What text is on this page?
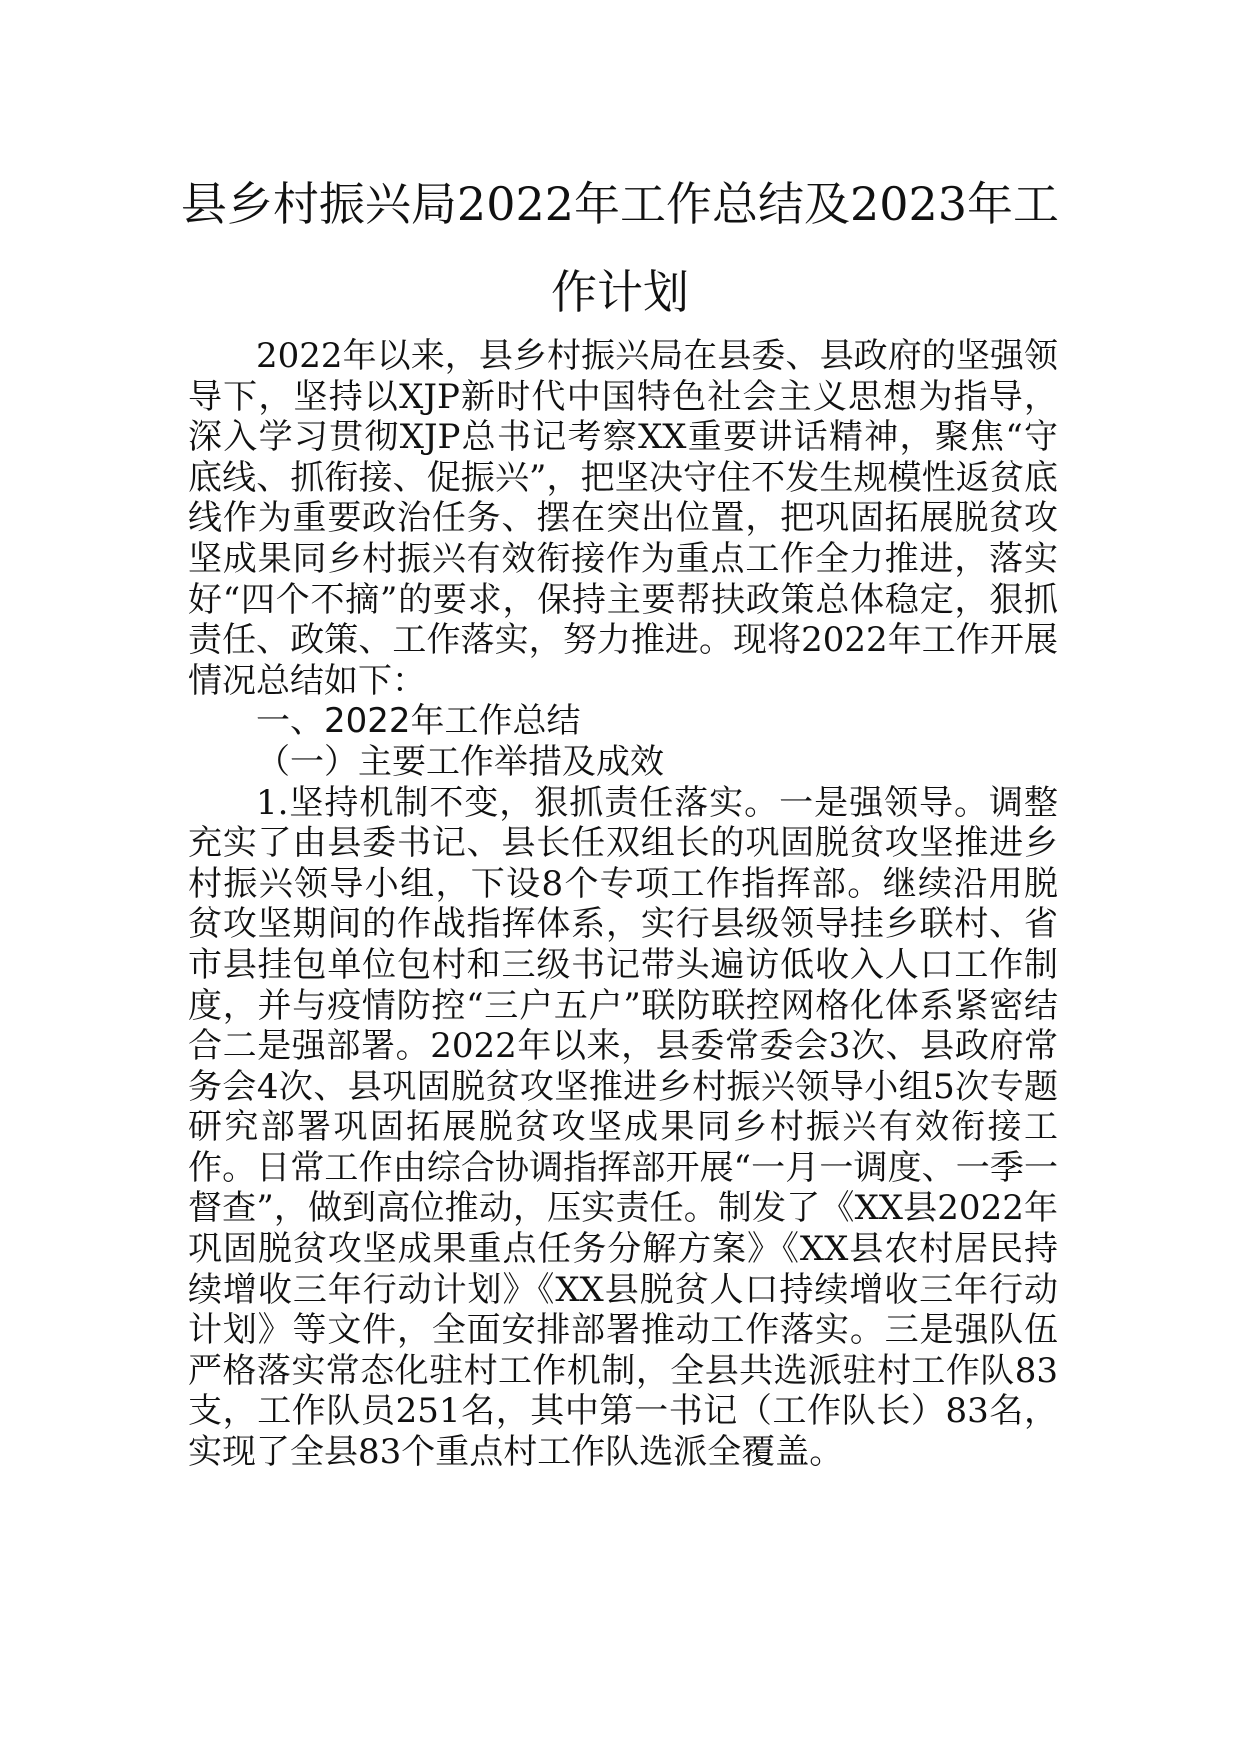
县乡村振兴局2022年工作总结及2023年工
作计划

2022年以来，县乡村振兴局在县委、县政府的坚强领导下，坚持以XJP新时代中国特色社会主义思想为指导，深入学习贯彻XJP总书记考察XX重要讲话精神，聚焦“守底线、抓衔接、促振兴”，把坚决守住不发生规模性返贫底线作为重要政治任务、摆在突出位置，把巩固拓展脱贫攻坚成果同乡村振兴有效衔接作为重点工作全力推进，落实好“四个不摘”的要求，保持主要帮扶政策总体稳定，狠抓责任、政策、工作落实，努力推进。现将2022年工作开展情况总结如下：

一、2022年工作总结

（一）主要工作举措及成效

1.坚持机制不变，狠抓责任落实。一是强领导。调整充实了由县委书记、县长任双组长的巩固脱贫攻坚推进乡村振兴领导小组，下设8个专项工作指挥部。继续沿用脱贫攻坚期间的作战指挥体系，实行县级领导挂乡联村、省市县挂包单位包村和三级书记带头遍访低收入人口工作制度，并与疫情防控“三户五户”联防联控网格化体系紧密结合二是强部署。2022年以来，县委常委会3次、县政府常务会4次、县巩固脱贫攻坚推进乡村振兴领导小组5次专题研究部署巩固拓展脱贫攻坚成果同乡村振兴有效衔接工作。日常工作由综合协调指挥部开展“一月一调度、一季一督查”，做到高位推动，压实责任。制发了《XX县2022年巩固脱贫攻坚成果重点任务分解方案》《XX县农村居民持续增收三年行动计划》《XX县脱贫人口持续增收三年行动计划》等文件，全面安排部署推动工作落实。三是强队伍严格落实常态化驻村工作机制，全县共选派驻村工作队83支，工作队员251名，其中第一书记（工作队长）83名，实现了全县83个重点村工作队选派全覆盖。
